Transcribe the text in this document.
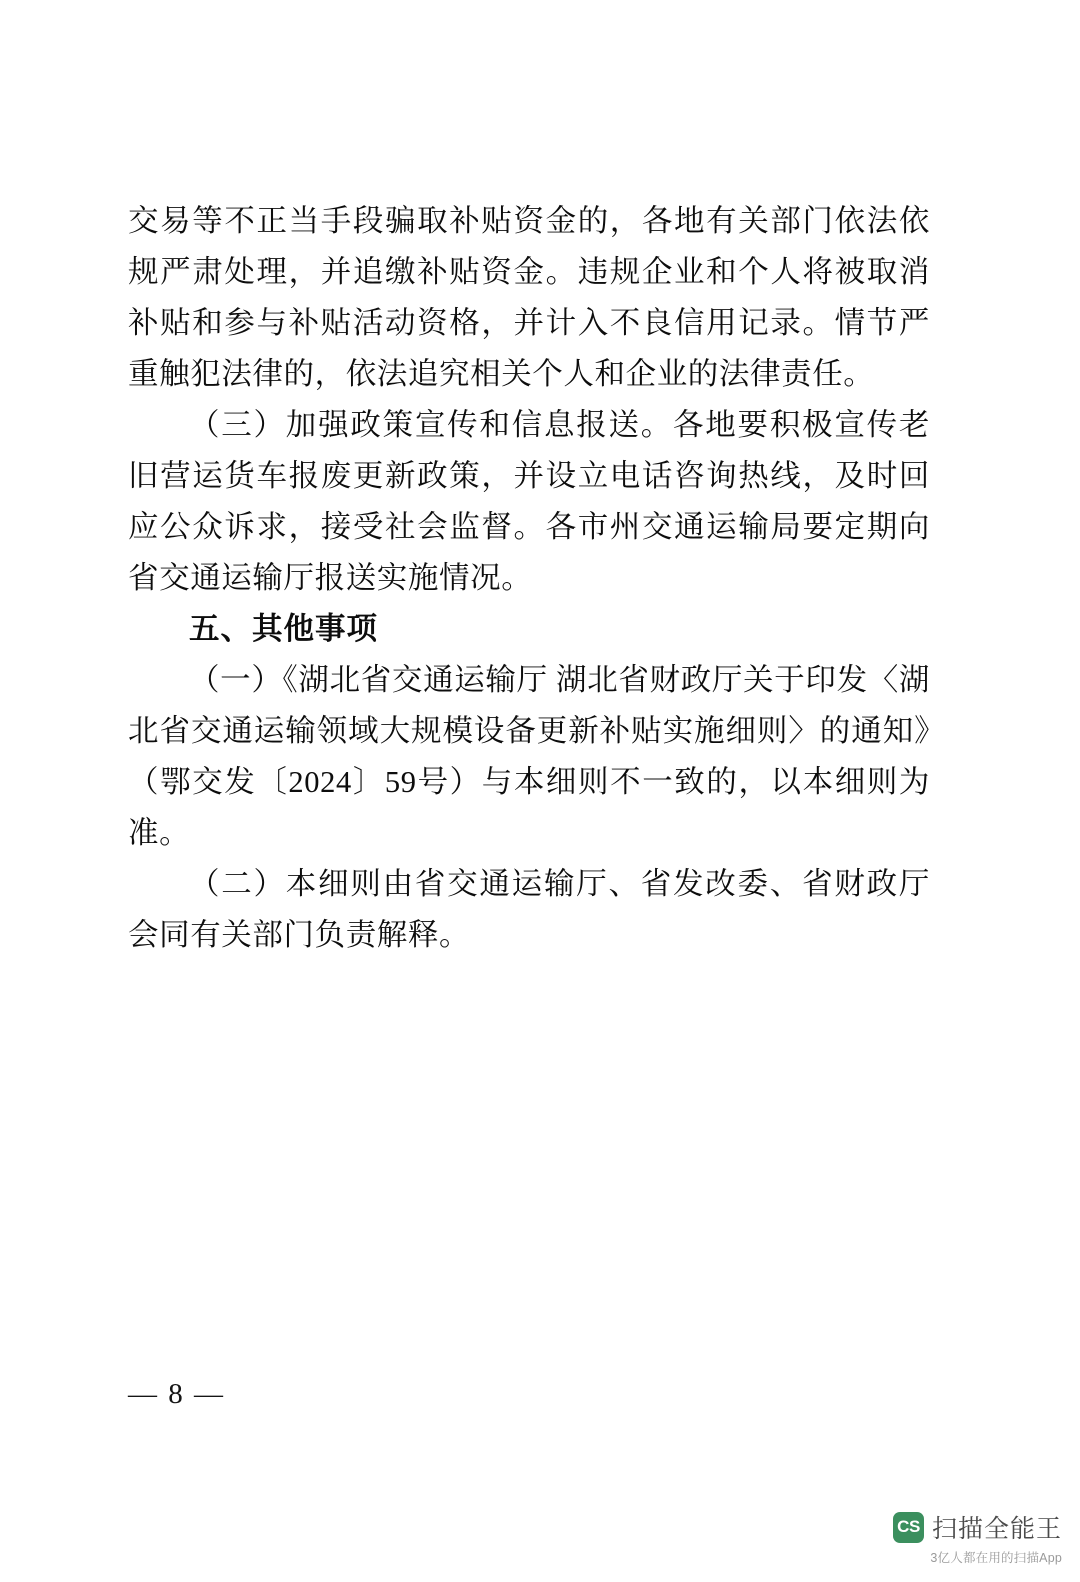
交易等不正当手段骗取补贴资金的，各地有关部门依法依规严肃处理，并追缴补贴资金。违规企业和个人将被取消补贴和参与补贴活动资格，并计入不良信用记录。情节严重触犯法律的，依法追究相关个人和企业的法律责任。

（三）加强政策宣传和信息报送。各地要积极宣传老旧营运货车报废更新政策，并设立电话咨询热线，及时回应公众诉求，接受社会监督。各市州交通运输局要定期向省交通运输厅报送实施情况。

五、其他事项

（一）《湖北省交通运输厅 湖北省财政厅关于印发〈湖北省交通运输领域大规模设备更新补贴实施细则〉的通知》（鄂交发〔2024〕59号）与本细则不一致的，以本细则为准。

（二）本细则由省交通运输厅、省发改委、省财政厅会同有关部门负责解释。

— 8 —
CS 扫描全能王
3亿人都在用的扫描App
